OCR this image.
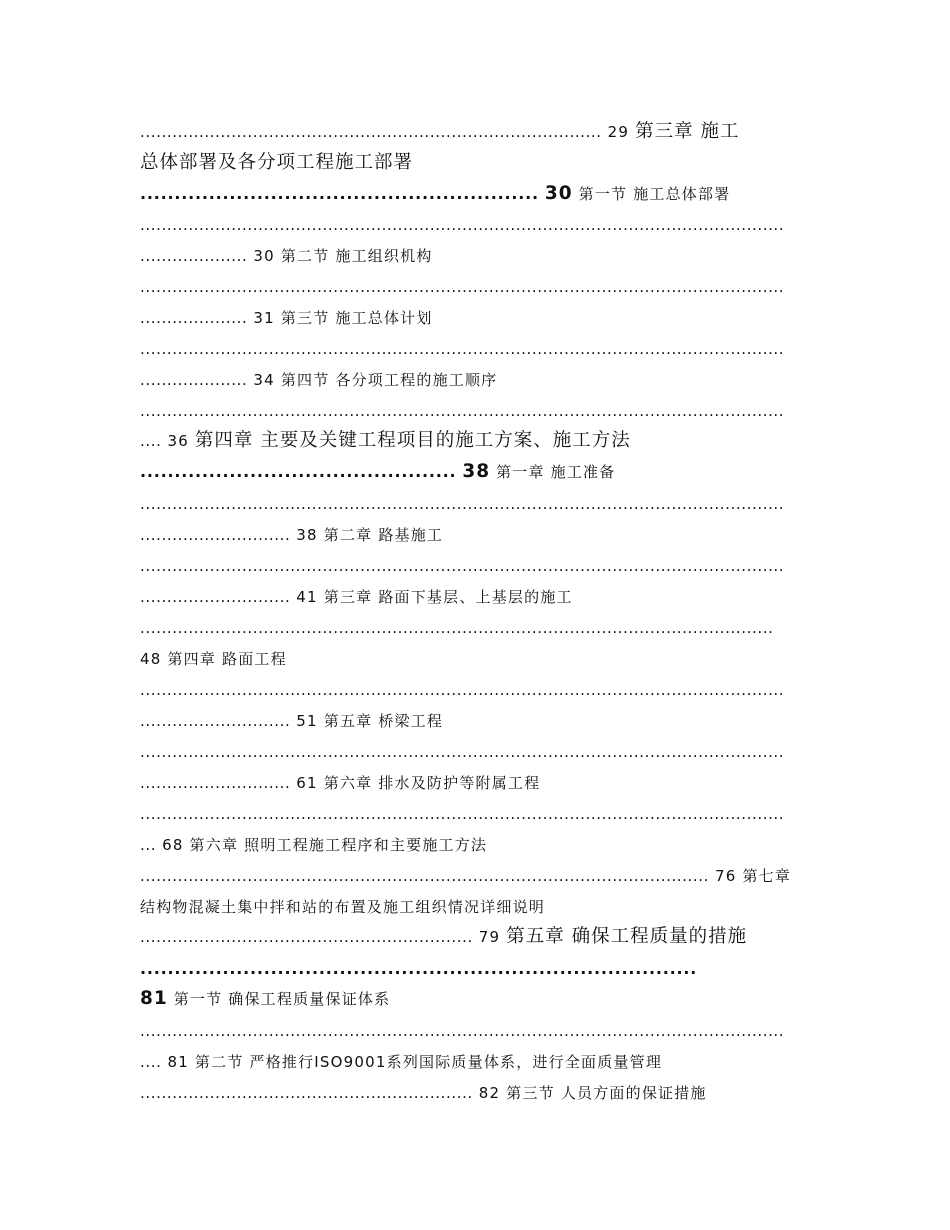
...................................................................................... 29 第三章 施工
总体部署及各分项工程施工部署
.......................................................... 30 第一节 施工总体部署
........................................................................................................................
.................... 30 第二节 施工组织机构
........................................................................................................................
.................... 31 第三节 施工总体计划
........................................................................................................................
.................... 34 第四节 各分项工程的施工顺序
........................................................................................................................
.... 36 第四章 主要及关键工程项目的施工方案、施工方法
.............................................. 38 第一章 施工准备
........................................................................................................................
............................ 38 第二章 路基施工
........................................................................................................................
............................ 41 第三章 路面下基层、上基层的施工
......................................................................................................................
48 第四章 路面工程
........................................................................................................................
............................ 51 第五章 桥梁工程
........................................................................................................................
............................ 61 第六章 排水及防护等附属工程
........................................................................................................................
... 68 第六章 照明工程施工程序和主要施工方法
.......................................................................................................... 76 第七章
结构物混凝土集中拌和站的布置及施工组织情况详细说明
.............................................................. 79 第五章 确保工程质量的措施
.................................................................................
81 第一节 确保工程质量保证体系
........................................................................................................................
.... 81 第二节 严格推行ISO9001系列国际质量体系，进行全面质量管理
.............................................................. 82 第三节 人员方面的保证措施
